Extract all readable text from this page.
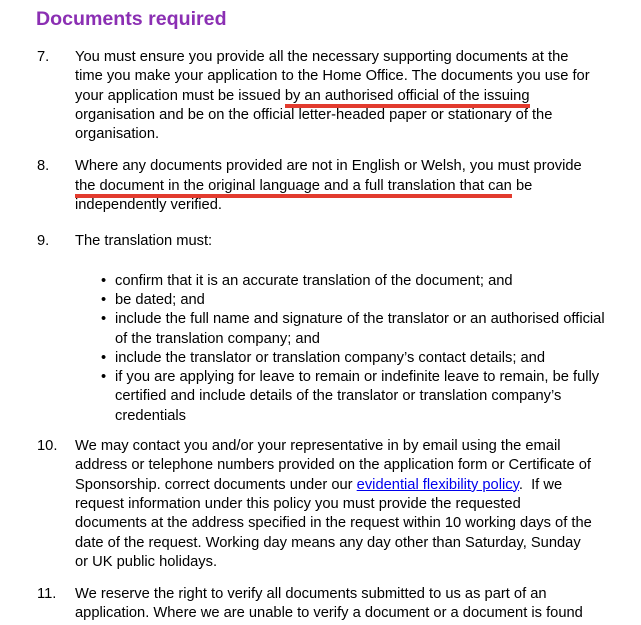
Documents required
7. You must ensure you provide all the necessary supporting documents at the
time you make your application to the Home Office. The documents you use for
your application must be issued by an authorised official of the issuing
organisation and be on the official letter-headed paper or stationary of the
organisation.
8. Where any documents provided are not in English or Welsh, you must provide
the document in the original language and a full translation that can be
independently verified.
9. The translation must:
• confirm that it is an accurate translation of the document; and
• be dated; and
• include the full name and signature of the translator or an authorised official
of the translation company; and
• include the translator or translation company’s contact details; and
• if you are applying for leave to remain or indefinite leave to remain, be fully
certified and include details of the translator or translation company’s
credentials
10. We may contact you and/or your representative in by email using the email
address or telephone numbers provided on the application form or Certificate of
Sponsorship. correct documents under our evidential flexibility policy.  If we
request information under this policy you must provide the requested
documents at the address specified in the request within 10 working days of the
date of the request. Working day means any day other than Saturday, Sunday
or UK public holidays.
11. We reserve the right to verify all documents submitted to us as part of an
application. Where we are unable to verify a document or a document is found
